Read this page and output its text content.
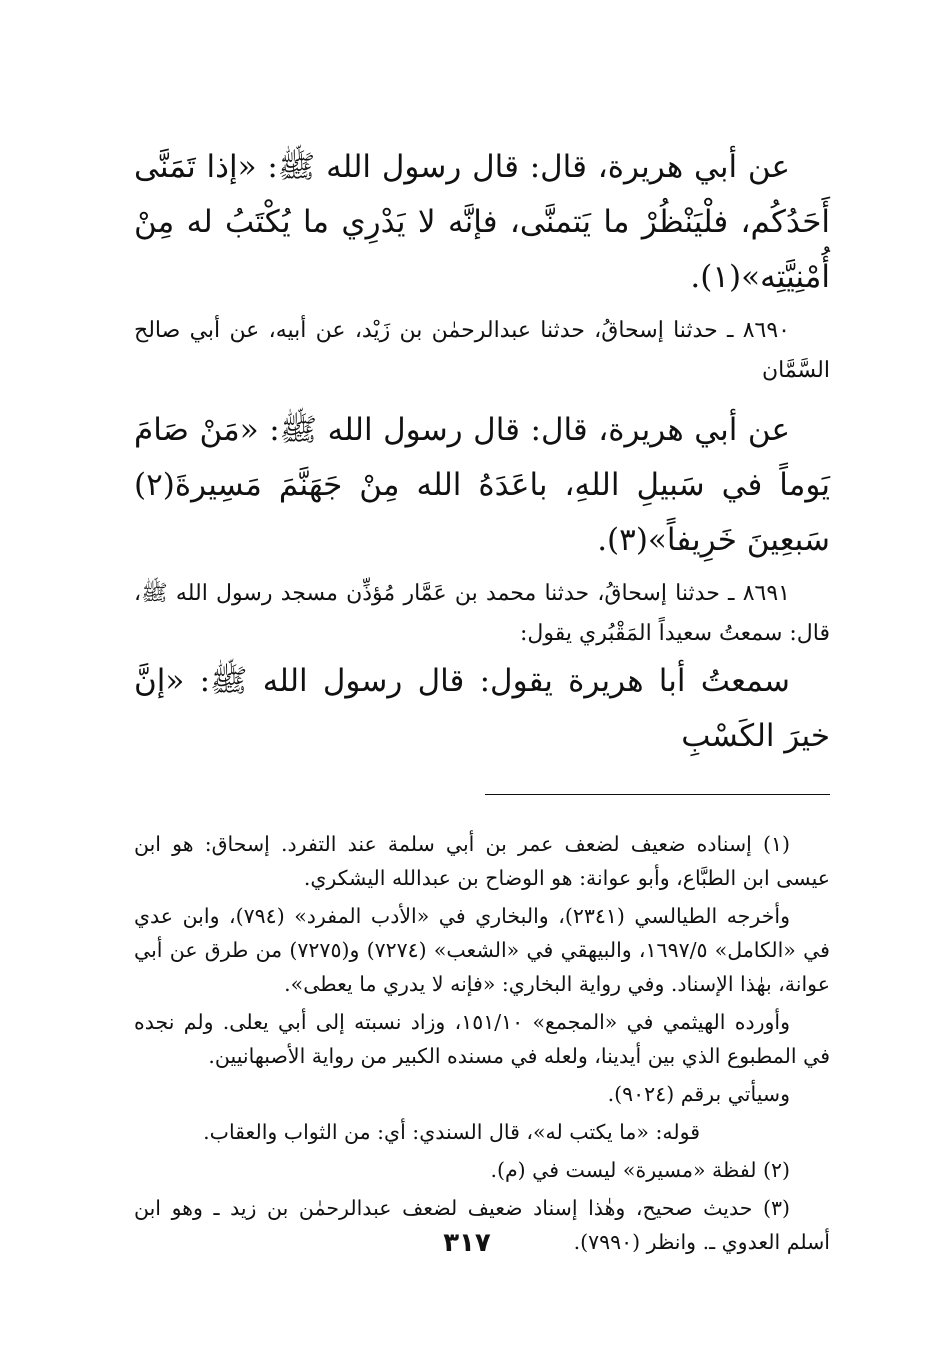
عن أبي هريرة، قال: قال رسول الله ﷺ: «إذا تَمَنَّى أَحَدُكُم، فلْيَنْظُرْ ما يَتمنَّى، فإنَّه لا يَدْرِي ما يُكْتَبُ له مِنْ أُمْنِيَّتِه»(١).

٨٦٩٠ ـ حدثنا إسحاقُ، حدثنا عبدالرحمٰن بن زَيْد، عن أبيه، عن أبي صالح السَّمَّان

عن أبي هريرة، قال: قال رسول الله ﷺ: «مَنْ صَامَ يَوماً في سَبيلِ اللهِ، باعَدَهُ الله مِنْ جَهَنَّمَ مَسِيرةَ(٢) سَبعِينَ خَرِيفاً»(٣).

٨٦٩١ ـ حدثنا إسحاقُ، حدثنا محمد بن عَمَّار مُؤذِّن مسجد رسول الله ﷺ، قال: سمعتُ سعيداً المَقْبُري يقول:

سمعتُ أبا هريرة يقول: قال رسول الله ﷺ: «إنَّ خيرَ الكَسْبِ

(١) إسناده ضعيف لضعف عمر بن أبي سلمة عند التفرد. إسحاق: هو ابن عيسى ابن الطبَّاع، وأبو عوانة: هو الوضاح بن عبدالله اليشكري.

وأخرجه الطيالسي (٢٣٤١)، والبخاري في «الأدب المفرد» (٧٩٤)، وابن عدي في «الكامل» ١٦٩٧/٥، والبيهقي في «الشعب» (٧٢٧٤) و(٧٢٧٥) من طرق عن أبي عوانة، بهٰذا الإسناد. وفي رواية البخاري: «فإنه لا يدري ما يعطى».

وأورده الهيثمي في «المجمع» ١٥١/١٠، وزاد نسبته إلى أبي يعلى. ولم نجده في المطبوع الذي بين أيدينا، ولعله في مسنده الكبير من رواية الأصبهانيين.

وسيأتي برقم (٩٠٢٤).

قوله: «ما يكتب له»، قال السندي: أي: من الثواب والعقاب.

(٢) لفظة «مسيرة» ليست في (م).

(٣) حديث صحيح، وهٰذا إسناد ضعيف لضعف عبدالرحمٰن بن زيد ـ وهو ابن أسلم العدوي ـ. وانظر (٧٩٩٠).

٣١٧
